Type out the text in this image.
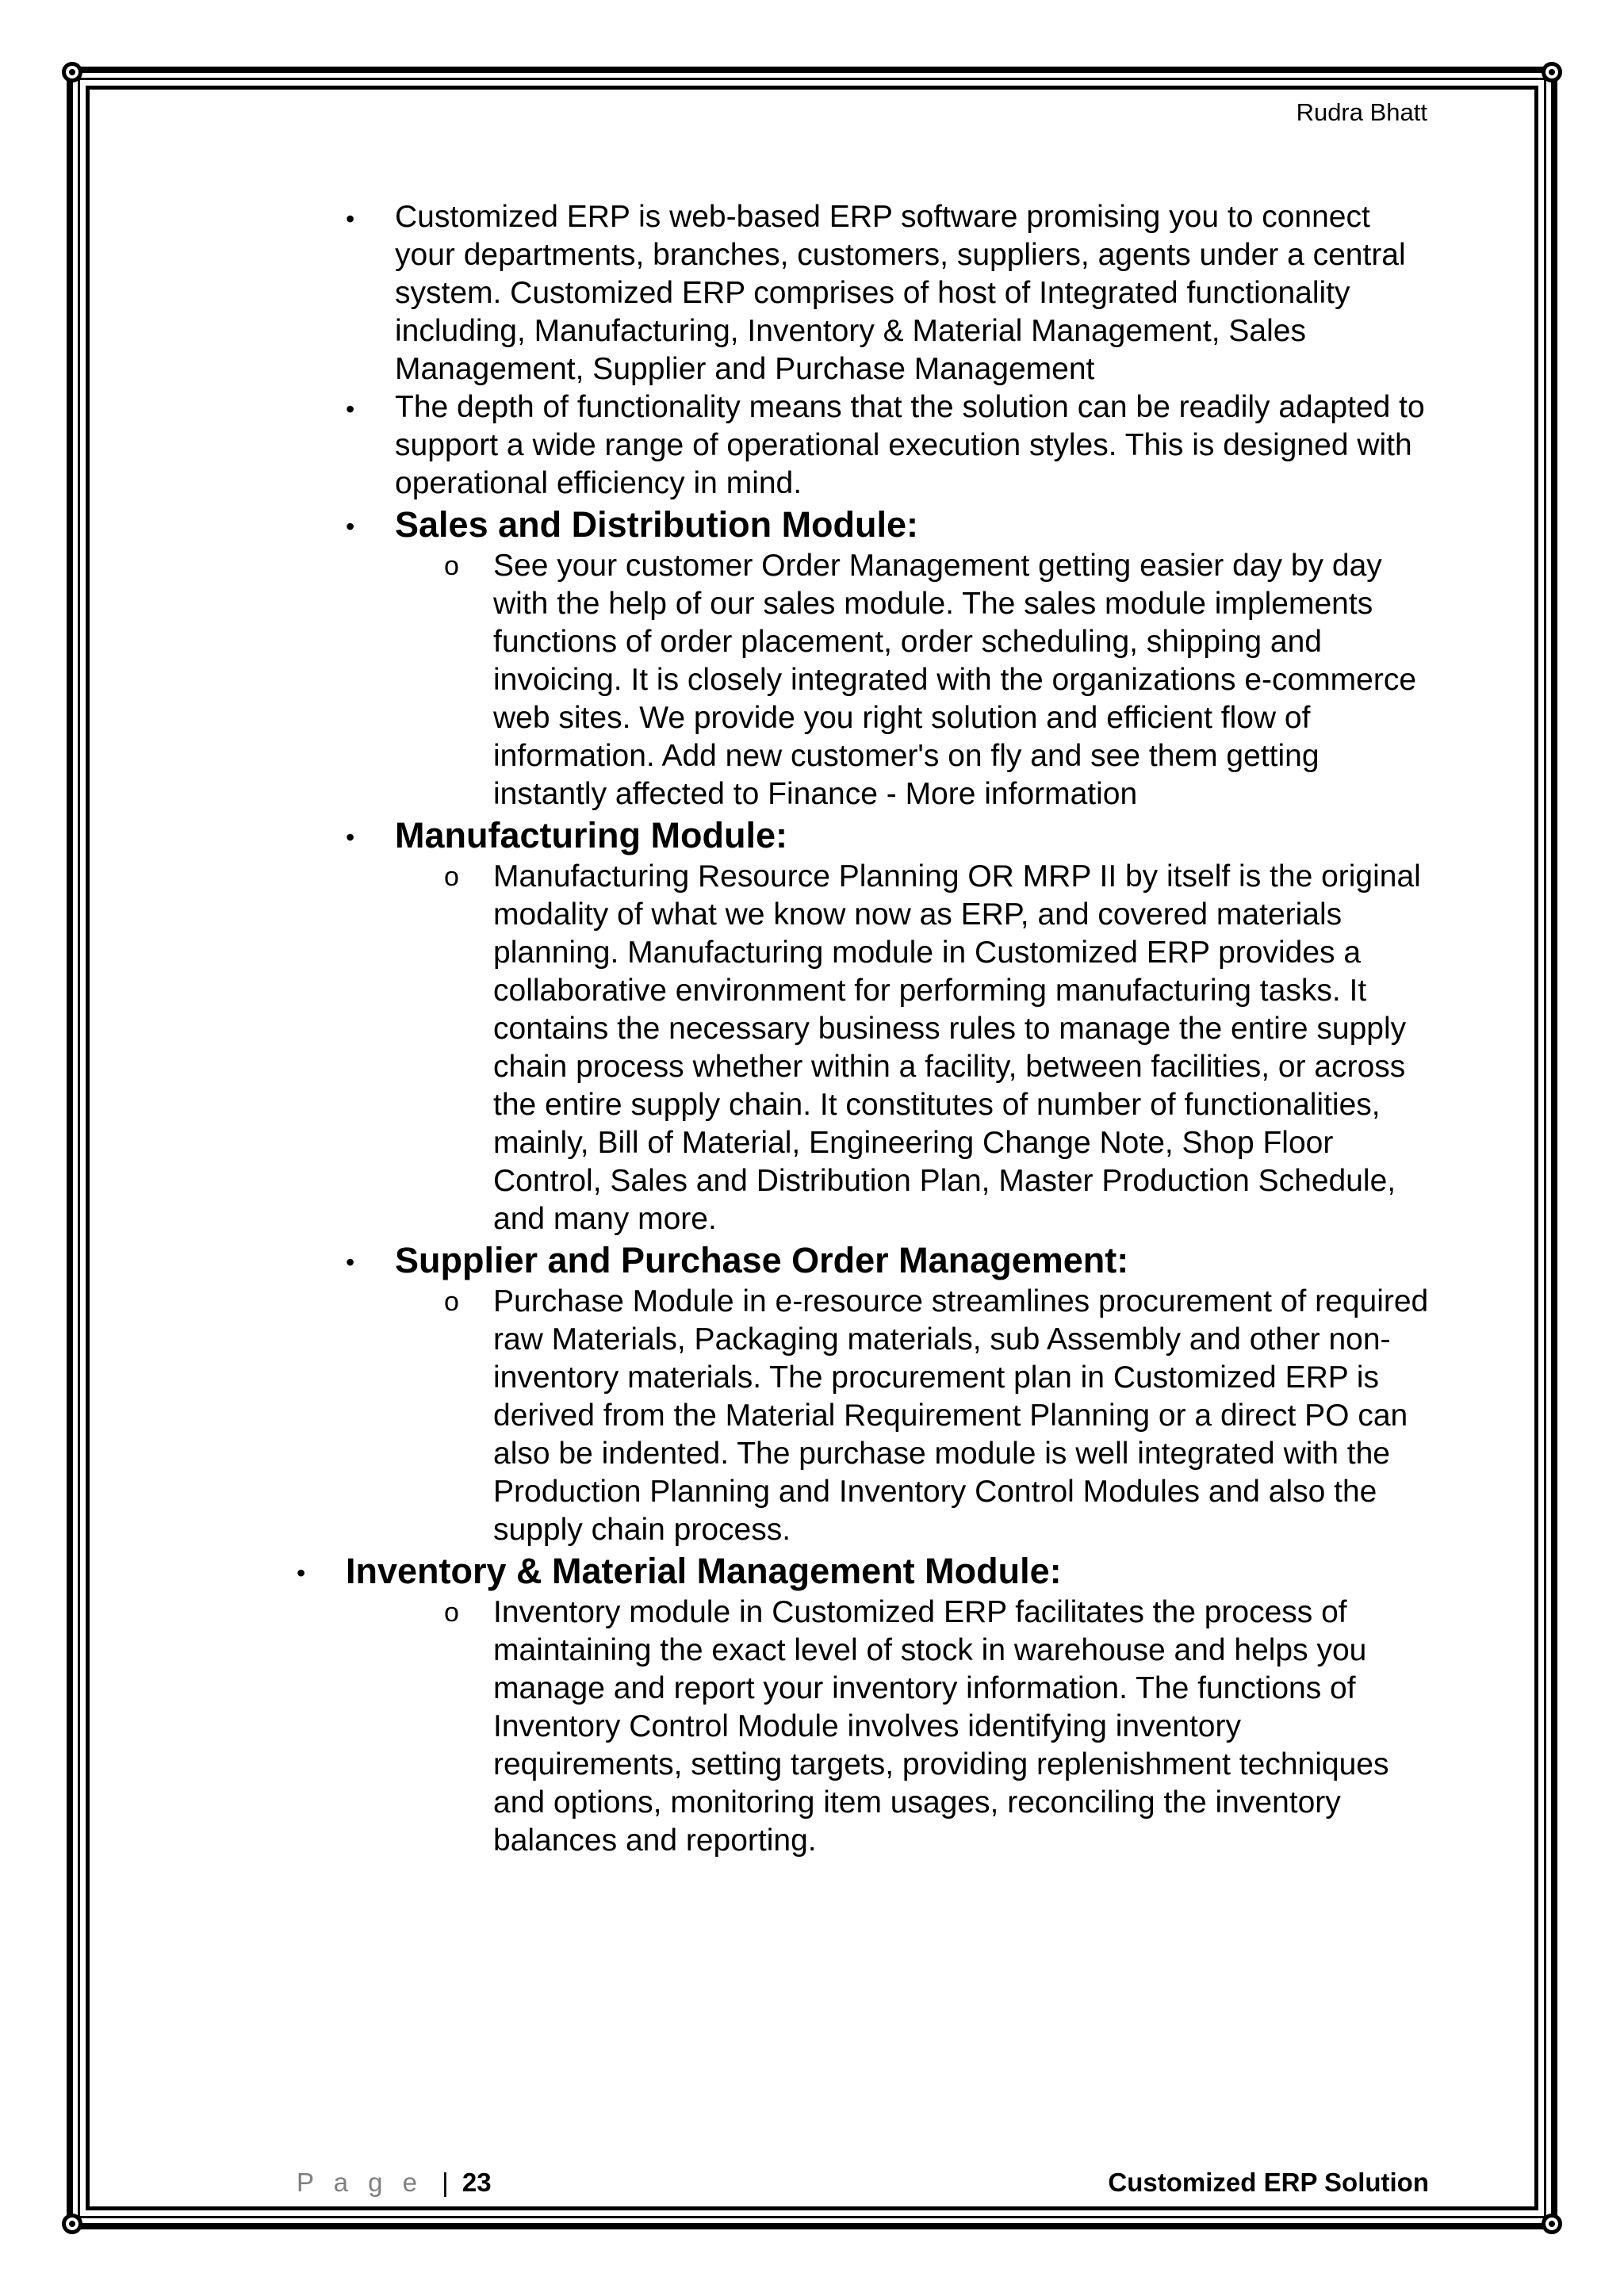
Rudra Bhatt
• Customized ERP is web-based ERP software promising you to connect your departments, branches, customers, suppliers, agents under a central system. Customized ERP comprises of host of Integrated functionality including, Manufacturing, Inventory & Material Management, Sales Management, Supplier and Purchase Management
• The depth of functionality means that the solution can be readily adapted to support a wide range of operational execution styles. This is designed with operational efficiency in mind.
• Sales and Distribution Module:
o See your customer Order Management getting easier day by day with the help of our sales module. The sales module implements functions of order placement, order scheduling, shipping and invoicing. It is closely integrated with the organizations e-commerce web sites. We provide you right solution and efficient flow of information. Add new customer's on fly and see them getting instantly affected to Finance - More information
• Manufacturing Module:
o Manufacturing Resource Planning OR MRP II by itself is the original modality of what we know now as ERP, and covered materials planning. Manufacturing module in Customized ERP provides a collaborative environment for performing manufacturing tasks. It contains the necessary business rules to manage the entire supply chain process whether within a facility, between facilities, or across the entire supply chain. It constitutes of number of functionalities, mainly, Bill of Material, Engineering Change Note, Shop Floor Control, Sales and Distribution Plan, Master Production Schedule, and many more.
• Supplier and Purchase Order Management:
o Purchase Module in e-resource streamlines procurement of required raw Materials, Packaging materials, sub Assembly and other non-inventory materials. The procurement plan in Customized ERP is derived from the Material Requirement Planning or a direct PO can also be indented. The purchase module is well integrated with the Production Planning and Inventory Control Modules and also the supply chain process.
• Inventory & Material Management Module:
o Inventory module in Customized ERP facilitates the process of maintaining the exact level of stock in warehouse and helps you manage and report your inventory information. The functions of Inventory Control Module involves identifying inventory requirements, setting targets, providing replenishment techniques and options, monitoring item usages, reconciling the inventory balances and reporting.
P a g e | 23	Customized ERP Solution
